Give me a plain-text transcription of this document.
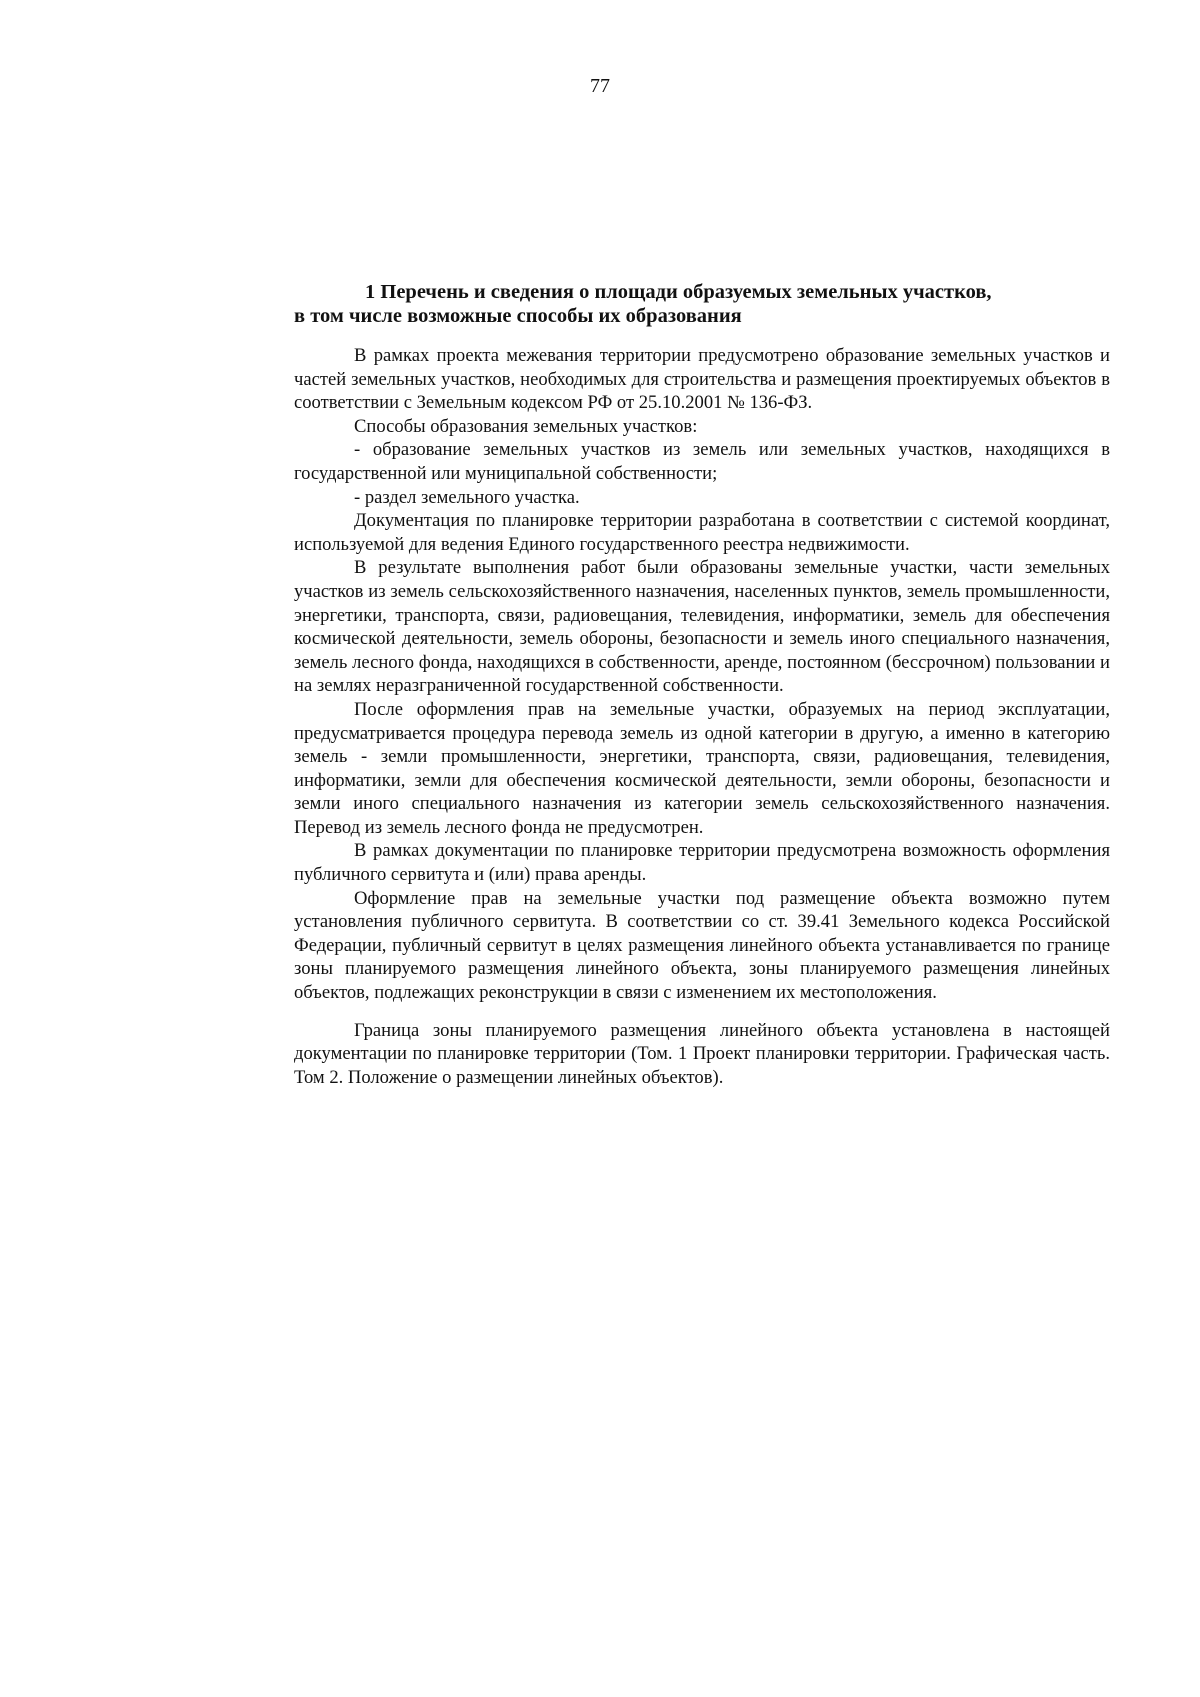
77
1 Перечень и сведения о площади образуемых земельных участков,
в том числе возможные способы их образования

В рамках проекта межевания территории предусмотрено образование земельных участков и частей земельных участков, необходимых для строительства и размещения проектируемых объектов в соответствии с Земельным кодексом РФ от 25.10.2001 № 136-ФЗ.

Способы образования земельных участков:

- образование земельных участков из земель или земельных участков, находящихся в государственной или муниципальной собственности;

- раздел земельного участка.

Документация по планировке территории разработана в соответствии с системой координат, используемой для ведения Единого государственного реестра недвижимости.

В результате выполнения работ были образованы земельные участки, части земельных участков из земель сельскохозяйственного назначения, населенных пунктов, земель промышленности, энергетики, транспорта, связи, радиовещания, телевидения, информатики, земель для обеспечения космической деятельности, земель обороны, безопасности и земель иного специального назначения, земель лесного фонда, находящихся в собственности, аренде, постоянном (бессрочном) пользовании и на землях неразграниченной государственной собственности.

После оформления прав на земельные участки, образуемых на период эксплуатации, предусматривается процедура перевода земель из одной категории в другую, а именно в категорию земель - земли промышленности, энергетики, транспорта, связи, радиовещания, телевидения, информатики, земли для обеспечения космической деятельности, земли обороны, безопасности и земли иного специального назначения из категории земель сельскохозяйственного назначения. Перевод из земель лесного фонда не предусмотрен.

В рамках документации по планировке территории предусмотрена возможность оформления публичного сервитута и (или) права аренды.

Оформление прав на земельные участки под размещение объекта возможно путем установления публичного сервитута. В соответствии со ст. 39.41 Земельного кодекса Российской Федерации, публичный сервитут в целях размещения линейного объекта устанавливается по границе зоны планируемого размещения линейного объекта, зоны планируемого размещения линейных объектов, подлежащих реконструкции в связи с изменением их местоположения.

Граница зоны планируемого размещения линейного объекта установлена в настоящей документации по планировке территории (Том. 1 Проект планировки территории. Графическая часть. Том 2. Положение о размещении линейных объектов).
